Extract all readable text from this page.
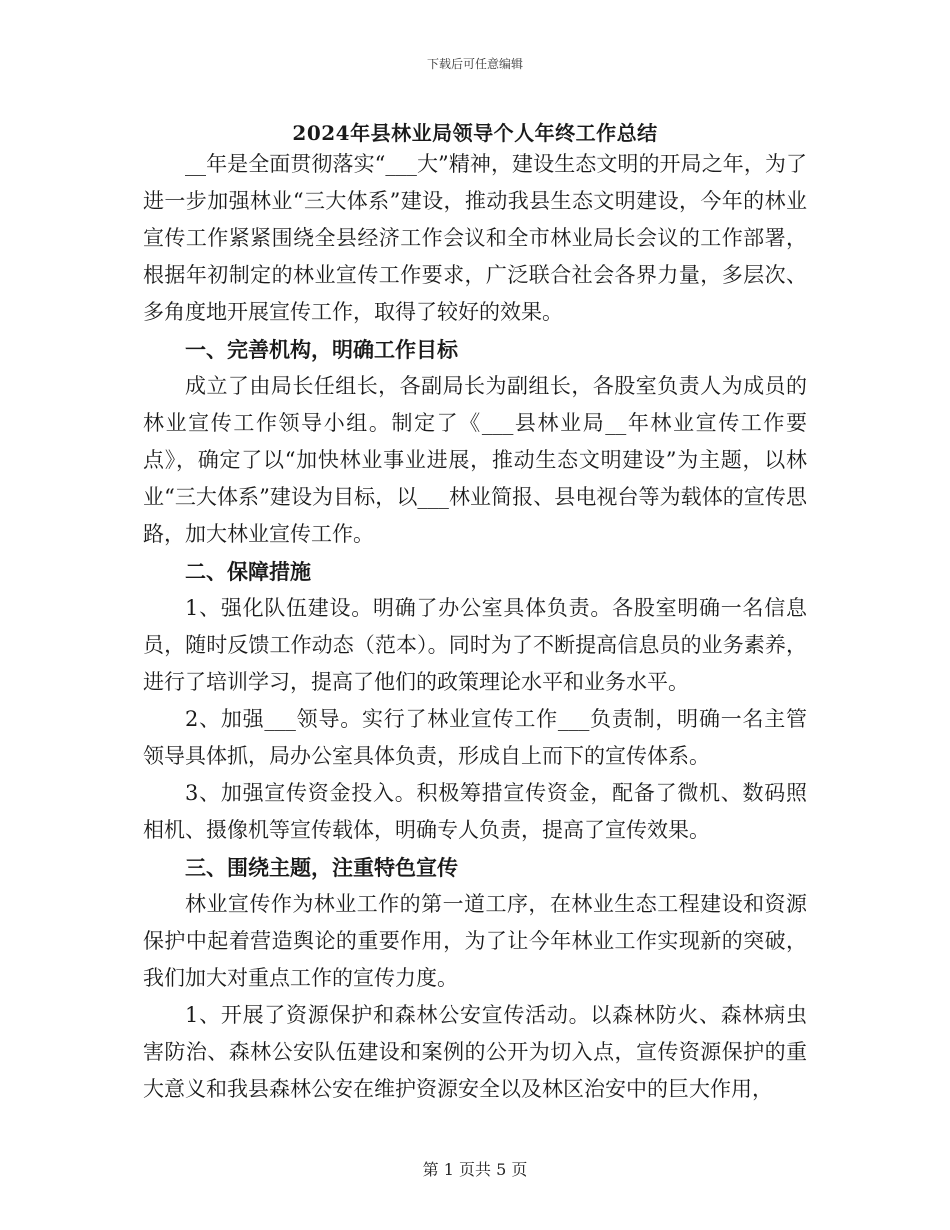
下载后可任意编辑
2024年县林业局领导个人年终工作总结

__年是全面贯彻落实“___大”精神，建设生态文明的开局之年，为了进一步加强林业“三大体系”建设，推动我县生态文明建设，今年的林业宣传工作紧紧围绕全县经济工作会议和全市林业局长会议的工作部署，根据年初制定的林业宣传工作要求，广泛联合社会各界力量，多层次、多角度地开展宣传工作，取得了较好的效果。

一、完善机构，明确工作目标

成立了由局长任组长，各副局长为副组长，各股室负责人为成员的林业宣传工作领导小组。制定了《___县林业局__年林业宣传工作要点》，确定了以“加快林业事业进展，推动生态文明建设”为主题，以林业“三大体系”建设为目标，以___林业简报、县电视台等为载体的宣传思路，加大林业宣传工作。

二、保障措施

1、强化队伍建设。明确了办公室具体负责。各股室明确一名信息员，随时反馈工作动态（范本）。同时为了不断提高信息员的业务素养，进行了培训学习，提高了他们的政策理论水平和业务水平。

2、加强___领导。实行了林业宣传工作___负责制，明确一名主管领导具体抓，局办公室具体负责，形成自上而下的宣传体系。

3、加强宣传资金投入。积极筹措宣传资金，配备了微机、数码照相机、摄像机等宣传载体，明确专人负责，提高了宣传效果。

三、围绕主题，注重特色宣传

林业宣传作为林业工作的第一道工序，在林业生态工程建设和资源保护中起着营造舆论的重要作用，为了让今年林业工作实现新的突破，我们加大对重点工作的宣传力度。

1、开展了资源保护和森林公安宣传活动。以森林防火、森林病虫害防治、森林公安队伍建设和案例的公开为切入点，宣传资源保护的重大意义和我县森林公安在维护资源安全以及林区治安中的巨大作用，

第 1 页共 5 页
